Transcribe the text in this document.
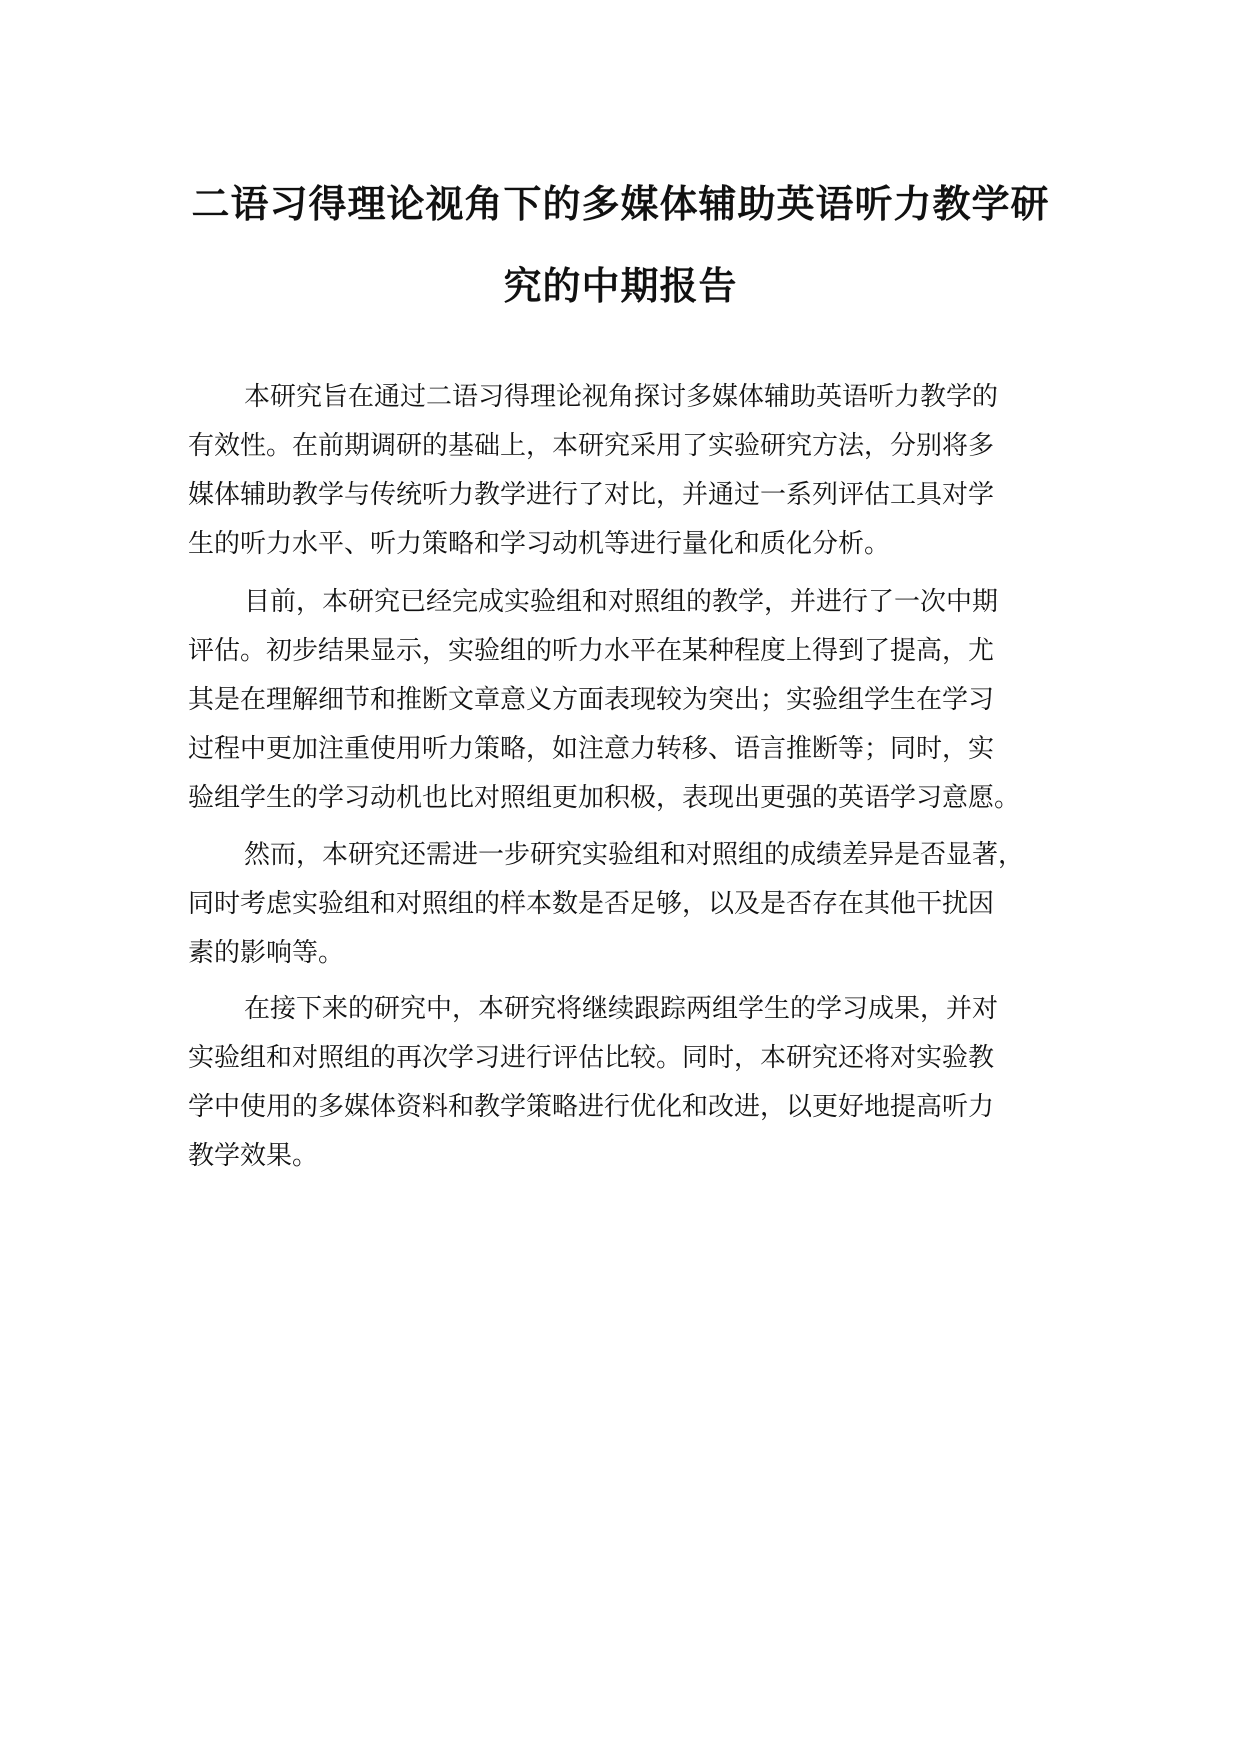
二语习得理论视角下的多媒体辅助英语听力教学研
究的中期报告
本研究旨在通过二语习得理论视角探讨多媒体辅助英语听力教学的
有效性。在前期调研的基础上，本研究采用了实验研究方法，分别将多
媒体辅助教学与传统听力教学进行了对比，并通过一系列评估工具对学
生的听力水平、听力策略和学习动机等进行量化和质化分析。
目前，本研究已经完成实验组和对照组的教学，并进行了一次中期
评估。初步结果显示，实验组的听力水平在某种程度上得到了提高，尤
其是在理解细节和推断文章意义方面表现较为突出；实验组学生在学习
过程中更加注重使用听力策略，如注意力转移、语言推断等；同时，实
验组学生的学习动机也比对照组更加积极，表现出更强的英语学习意愿。
然而，本研究还需进一步研究实验组和对照组的成绩差异是否显著，
同时考虑实验组和对照组的样本数是否足够，以及是否存在其他干扰因
素的影响等。
在接下来的研究中，本研究将继续跟踪两组学生的学习成果，并对
实验组和对照组的再次学习进行评估比较。同时，本研究还将对实验教
学中使用的多媒体资料和教学策略进行优化和改进，以更好地提高听力
教学效果。
